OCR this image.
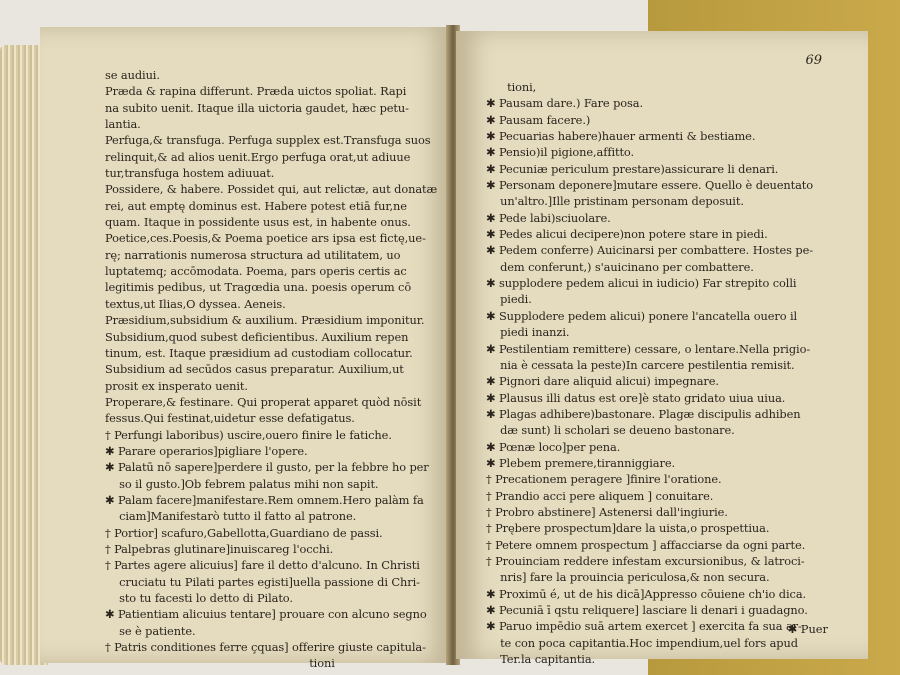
se audiui.
Præda & rapina differunt. Præda uictos spoliat. Rapi
na subito uenit. Itaque illa uictoria gaudet, hæc petu-
lantia.
Perfuga,& transfuga. Perfuga supplex est.Transfuga suos
relinquit,& ad alios uenit.Ergo perfuga orat,ut adiuue
tur,transfuga hostem adiuuat.
Possidere, & habere. Possidet qui, aut relictæ, aut donatæ
rei, aut emptę dominus est. Habere potest etiā fur,ne
quam. Itaque in possidente usus est, in habente onus.
Poetice,ces.Poesis,& Poema poetice ars ipsa est fictę,ue-
rę; narrationis numerosa structura ad utilitatem, uo
luptatemq; accōmodata. Poema, pars operis certis ac
legitimis pedibus, ut Tragœdia una. poesis operum cō
textus,ut Ilias,O dyssea. Aeneis.
Præsidium,subsidium & auxilium. Præsidium imponitur.
Subsidium,quod subest deficientibus. Auxilium repen
tinum, est. Itaque præsidium ad custodiam collocatur.
Subsidium ad secūdos casus preparatur. Auxilium,ut
prosit ex insperato uenit.
Properare,& festinare. Qui properat apparet quòd nōsit
fessus.Qui festinat,uidetur esse defatigatus.
† Perfungi laboribus) uscire,ouero finire le fatiche.
✱ Parare operarios]pigliare l'opere.
✱ Palatū nō sapere]perdere il gusto, per la febbre ho per
so il gusto.]Ob febrem palatus mihi non sapit.
✱ Palam facere]manifestare.Rem omnem.Hero palàm fa
ciam]Manifestarò tutto il fatto al patrone.
† Portior] scafuro,Gabellotta,Guardiano de passi.
† Palpebras glutinare]inuiscareg l'occhi.
† Partes agere alicuius] fare il detto d'alcuno. In Christi
cruciatu tu Pilati partes egisti]uella passione di Chri-
sto tu facesti lo detto di Pilato.
✱ Patientiam alicuius tentare] prouare con alcuno segno
se è patiente.
† Patris conditiones ferre çquas] offerire giuste capitula-
tioni
69
tioni,
✱ Pausam dare.) Fare posa.
✱ Pausam facere.)
✱ Pecuarias habere)hauer armenti & bestiame.
✱ Pensio)il pigione,affitto.
✱ Pecuniæ periculum prestare)assicurare li denari.
✱ Personam deponere]mutare essere. Quello è deuentato
un'altro.]Ille pristinam personam deposuit.
✱ Pede labi)sciuolare.
✱ Pedes alicui decipere)non potere stare in piedi.
✱ Pedem conferre) Auicinarsi per combattere. Hostes pe-
dem conferunt,) s'auicinano per combattere.
✱ supplodere pedem alicui in iudicio) Far strepito colli
piedi.
✱ Supplodere pedem alicui) ponere l'ancatella ouero il
piedi inanzi.
✱ Pestilentiam remittere) cessare, o lentare.Nella prigio-
nia è cessata la peste)In carcere pestilentia remisit.
✱ Pignori dare aliquid alicui) impegnare.
✱ Plausus illi datus est ore]è stato gridato uiua uiua.
✱ Plagas adhibere)bastonare. Plagæ discipulis adhiben
dæ sunt) li scholari se deueno bastonare.
✱ Pœnæ loco]per pena.
✱ Plebem premere,tiranniggiare.
† Precationem peragere ]finire l'oratione.
† Prandio acci pere aliquem ] conuitare.
† Probro abstinere] Astenersi dall'ingiurie.
† Prębere prospectum]dare la uista,o prospettiua.
† Petere omnem prospectum ] affacciarse da ogni parte.
† Prouinciam reddere infestam excursionibus, & latroci-
nris] fare la prouincia periculosa,& non secura.
✱ Proximū é, ut de his dicā]Appresso cōuiene ch'io dica.
✱ Pecuniā ī qstu reliquere] lasciare li denari i guadagno.
✱ Paruo impēdio suā artem exercet ] exercita fa sua ar-
te con poca capitantia.Hoc impendium,uel fors apud
Ter.la capitantia.
✱ Puer
